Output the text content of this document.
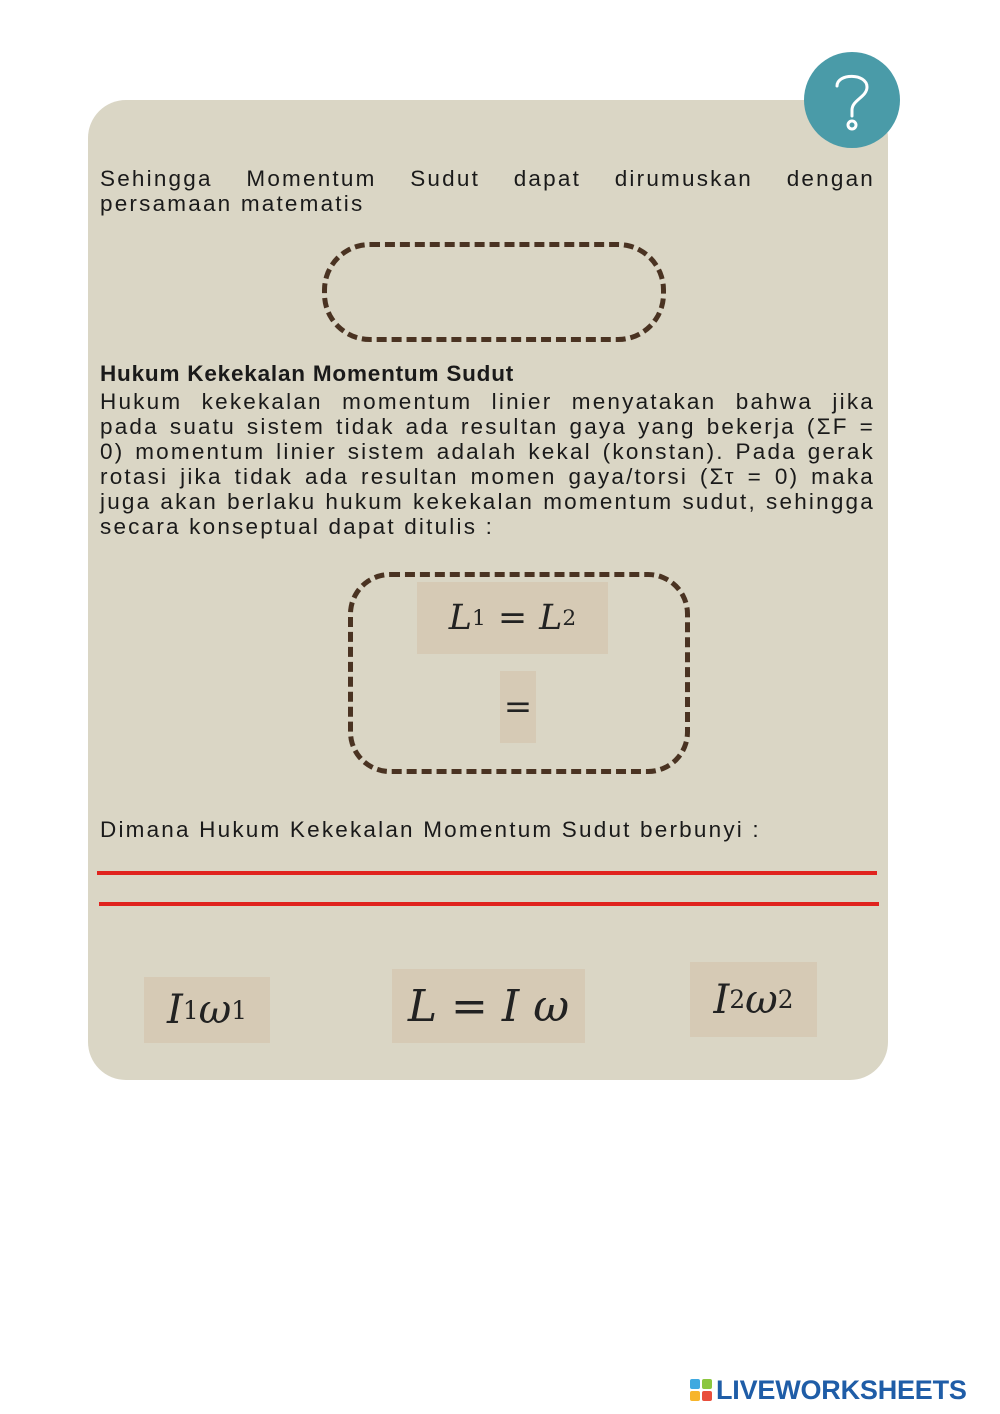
Sehingga Momentum Sudut dapat dirumuskan dengan persamaan matematis

Hukum Kekekalan Momentum Sudut

Hukum kekekalan momentum linier menyatakan bahwa jika pada suatu sistem tidak ada resultan gaya yang bekerja (ΣF = 0) momentum linier sistem adalah kekal (konstan). Pada gerak rotasi jika tidak ada resultan momen gaya/torsi (Στ = 0) maka juga akan berlaku hukum kekekalan momentum sudut, sehingga secara konseptual dapat ditulis :

L 1 = L 2
=

Dimana Hukum Kekekalan Momentum Sudut berbunyi :

I 1 ω 1	L = I ω	I 2 ω 2
LIVEWORKSHEETS
